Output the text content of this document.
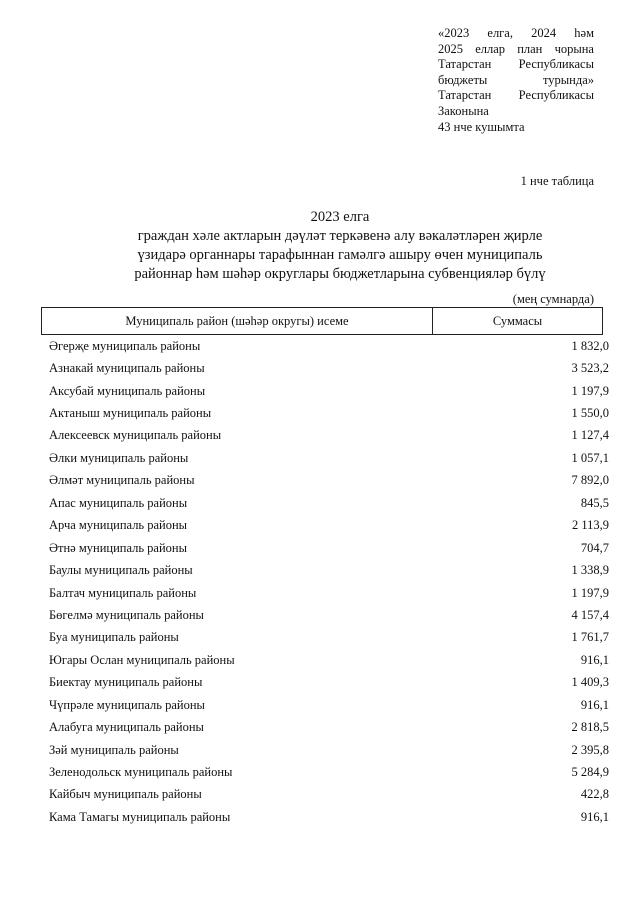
«2023 елга, 2024 һәм
2025 еллар план чорына
Татарстан Республикасы
бюджеты	турында»
Татарстан Республикасы
Законына
43 нче кушымта
1 нче таблица
2023 елга
граждан хәле актларын дәүләт теркәвенә алу вәкаләтләрен җирле
үзидарә органнары тарафыннан гамәлгә ашыру өчен муниципаль
районнар һәм шәһәр округлары бюджетларына субвенцияләр бүлү
(мең сумнарда)
Муниципаль район (шәһәр округы) исеме	Суммасы
Әгерҗе муниципаль районы	1 832,0
Азнакай муниципаль районы	3 523,2
Аксубай муниципаль районы	1 197,9
Актаныш муниципаль районы	1 550,0
Алексеевск муниципаль районы	1 127,4
Әлки муниципаль районы	1 057,1
Әлмәт муниципаль районы	7 892,0
Апас муниципаль районы	845,5
Арча муниципаль районы	2 113,9
Әтнә муниципаль районы	704,7
Баулы муниципаль районы	1 338,9
Балтач муниципаль районы	1 197,9
Бөгелмә муниципаль районы	4 157,4
Буа муниципаль районы	1 761,7
Югары Ослан муниципаль районы	916,1
Биектау муниципаль районы	1 409,3
Чүпрәле муниципаль районы	916,1
Алабуга муниципаль районы	2 818,5
Зәй муниципаль районы	2 395,8
Зеленодольск муниципаль районы	5 284,9
Кайбыч муниципаль районы	422,8
Кама Тамагы муниципаль районы	916,1
